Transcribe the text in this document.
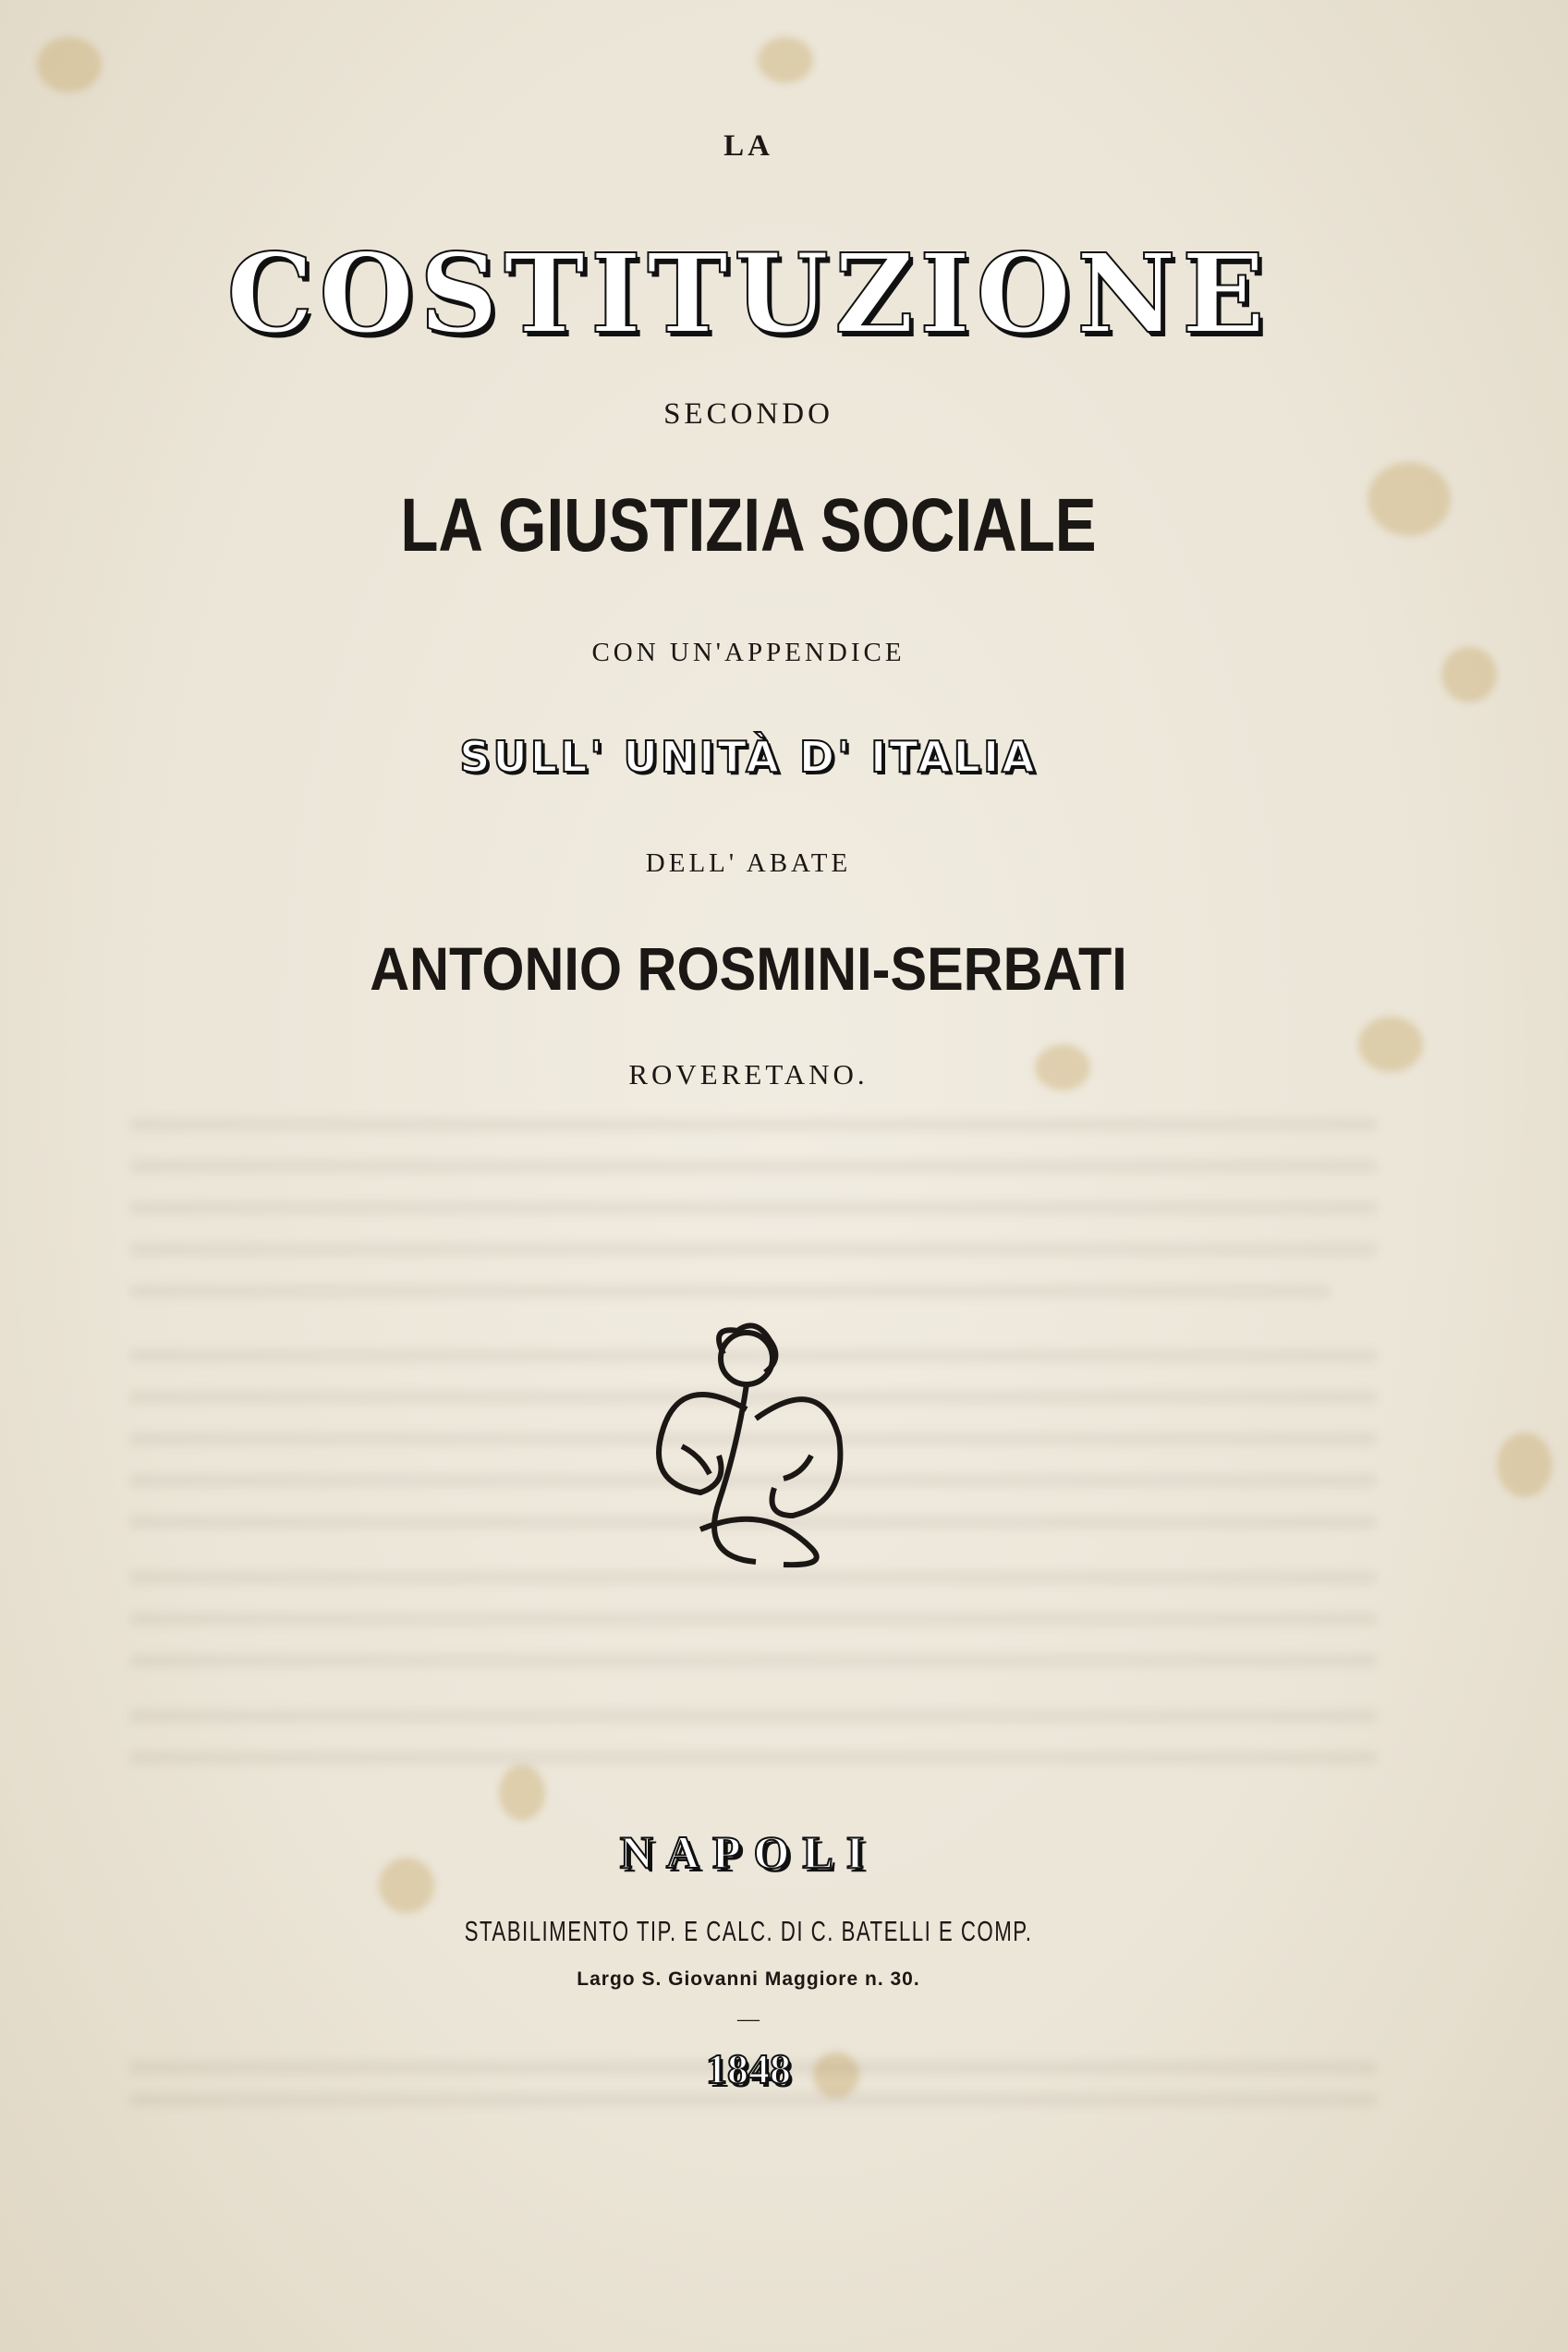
LA
COSTITUZIONE
SECONDO
LA GIUSTIZIA SOCIALE
CON UN'APPENDICE
SULL' UNITÀ D' ITALIA
DELL' ABATE
ANTONIO ROSMINI-SERBATI
ROVERETANO.
NAPOLI
STABILIMENTO TIP. E CALC. DI C. BATELLI E COMP.
Largo S. Giovanni Maggiore n. 30.
—
1848
